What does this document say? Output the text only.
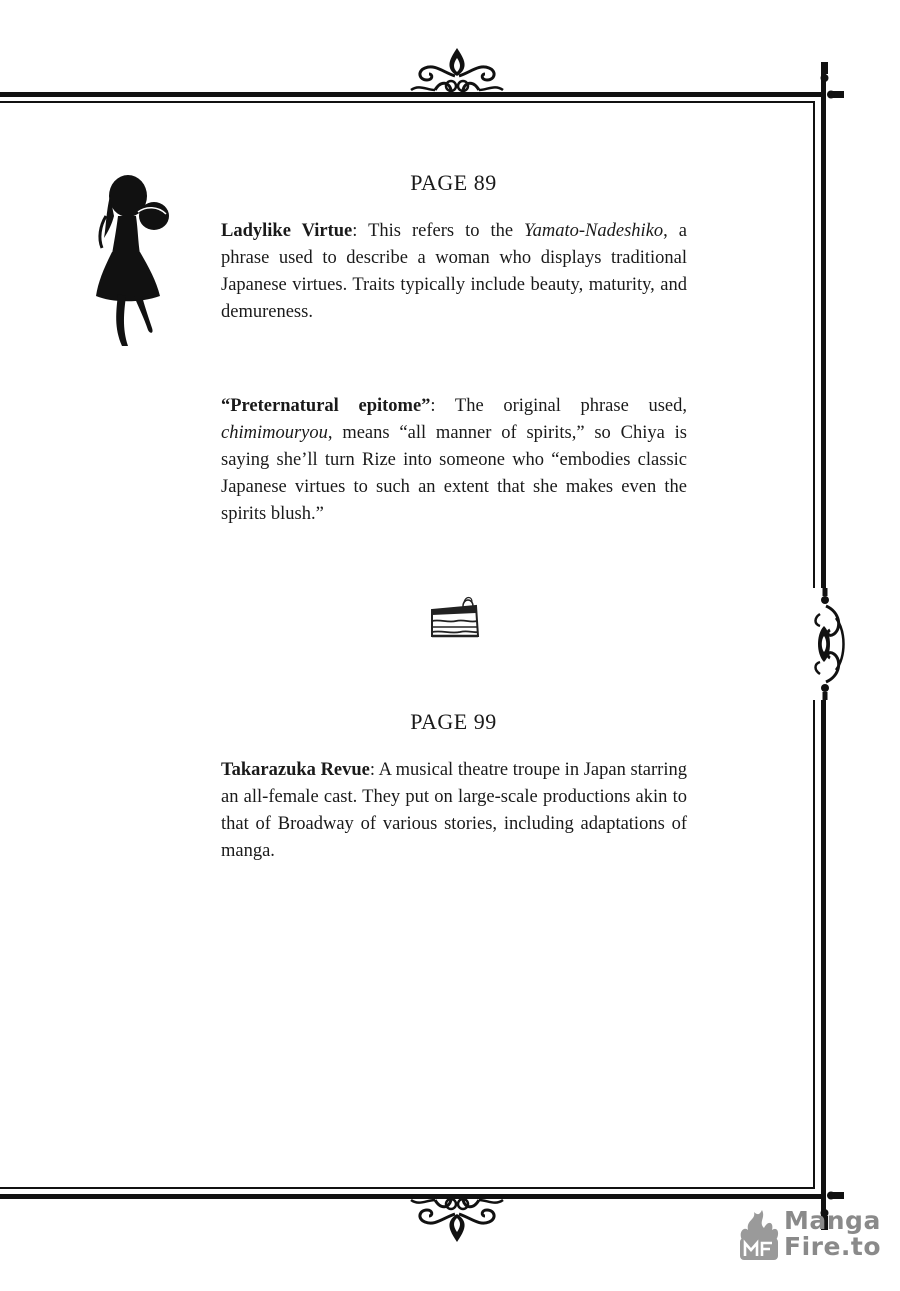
PAGE 89

Ladylike Virtue: This refers to the Yamato-Nadeshiko, a phrase used to describe a woman who displays traditional Japanese virtues. Traits typically include beauty, maturity, and demureness.

“Preternatural epitome”: The original phrase used, chimimouryou, means “all manner of spirits,” so Chiya is saying she’ll turn Rize into someone who “embodies classic Japanese virtues to such an extent that she makes even the spirits blush.”

PAGE 99

Takarazuka Revue: A musical theatre troupe in Japan starring an all-female cast. They put on large-scale productions akin to that of Broadway of various stories, including adaptations of manga.

Manga
Fire.to
